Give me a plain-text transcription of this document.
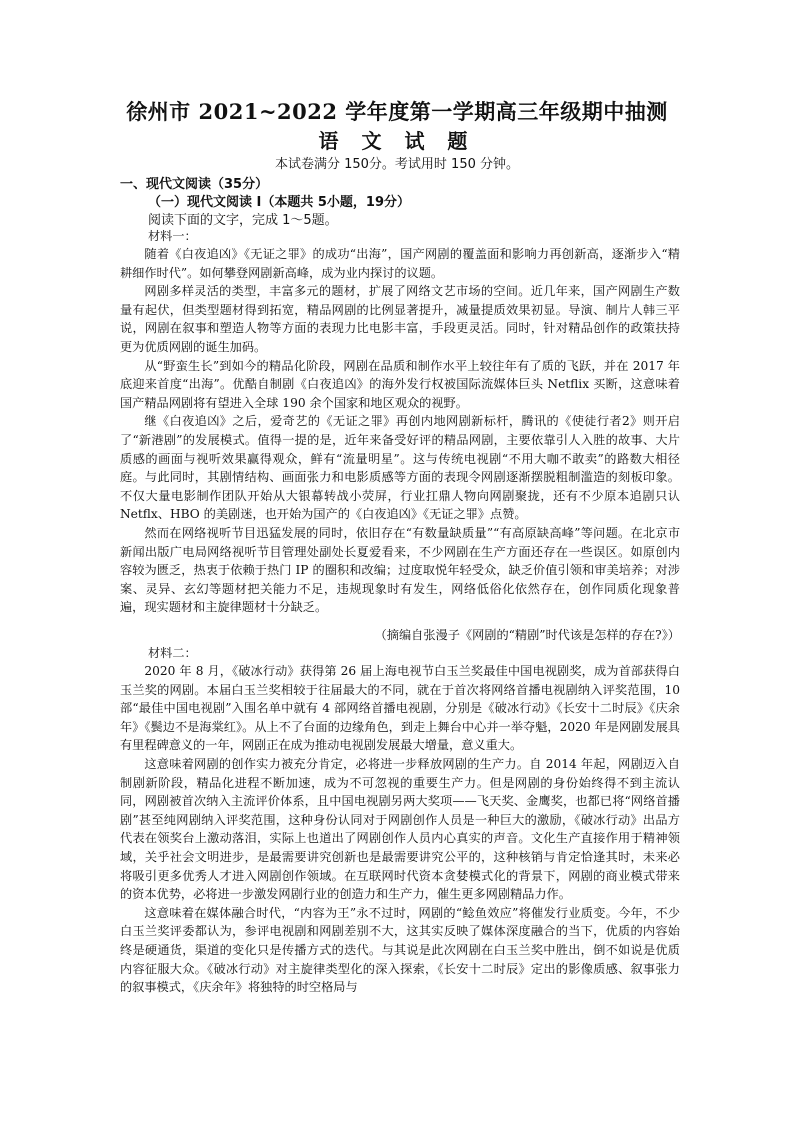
徐州市 2021~2022 学年度第一学期高三年级期中抽测
语 文 试 题
本试卷满分 150分。考试用时 150 分钟。
一、现代文阅读（35分）
（一）现代文阅读 I（本题共 5小题，19分）
阅读下面的文字，完成 1～5题。
材料一：

随着《白夜追凶》《无证之罪》的成功“出海”，国产网剧的覆盖面和影响力再创新高，逐渐步入“精耕细作时代”。如何攀登网剧新高峰，成为业内探讨的议题。

网剧多样灵活的类型，丰富多元的题材，扩展了网络文艺市场的空间。近几年来，国产网剧生产数量有起伏，但类型题材得到拓宽，精品网剧的比例显著提升，减量提质效果初显。导演、制片人韩三平说，网剧在叙事和塑造人物等方面的表现力比电影丰富，手段更灵活。同时，针对精品创作的政策扶持更为优质网剧的诞生加码。

从“野蛮生长”到如今的精品化阶段，网剧在品质和制作水平上较往年有了质的飞跃，并在 2017 年底迎来首度“出海”。优酷自制剧《白夜追凶》的海外发行权被国际流媒体巨头 Netflix 买断，这意味着国产精品网剧将有望进入全球 190 余个国家和地区观众的视野。

继《白夜追凶》之后，爱奇艺的《无证之罪》再创内地网剧新标杆，腾讯的《使徒行者2》则开启了“新港剧”的发展模式。值得一提的是，近年来备受好评的精品网剧，主要依靠引人入胜的故事、大片质感的画面与视听效果赢得观众，鲜有“流量明星”。这与传统电视剧“不用大咖不敢卖”的路数大相径庭。与此同时，其剧情结构、画面张力和电影质感等方面的表现令网剧逐渐摆脱粗制滥造的刻板印象。不仅大量电影制作团队开始从大银幕转战小荧屏，行业扛鼎人物向网剧聚拢，还有不少原本追剧只认 Netflx、HBO 的美剧迷，也开始为国产的《白夜追凶》《无证之罪》点赞。

然而在网络视听节目迅猛发展的同时，依旧存在“有数量缺质量”“有高原缺高峰”等问题。在北京市新闻出版广电局网络视听节目管理处副处长夏爱看来，不少网剧在生产方面还存在一些误区。如原创内容较为匮乏，热衷于依赖于热门 IP 的圈积和改编；过度取悦年轻受众，缺乏价值引领和审美培养；对涉案、灵异、玄幻等题材把关能力不足，违规现象时有发生，网络低俗化依然存在，创作同质化现象普遍，现实题材和主旋律题材十分缺乏。

（摘编自张漫子《网剧的“精剧”时代该是怎样的存在?》）
材料二：

2020 年 8 月，《破冰行动》获得第 26 届上海电视节白玉兰奖最佳中国电视剧奖，成为首部获得白玉兰奖的网剧。本届白玉兰奖相较于往届最大的不同，就在于首次将网络首播电视剧纳入评奖范围，10 部“最佳中国电视剧”入围名单中就有 4 部网络首播电视剧，分别是《破冰行动》《长安十二时辰》《庆余年》《鬓边不是海棠红》。从上不了台面的边缘角色，到走上舞台中心并一举夺魁，2020 年是网剧发展具有里程碑意义的一年，网剧正在成为推动电视剧发展最大增量，意义重大。

这意味着网剧的创作实力被充分肯定，必将进一步释放网剧的生产力。自 2014 年起，网剧迈入自制剧新阶段，精品化进程不断加速，成为不可忽视的重要生产力。但是网剧的身份始终得不到主流认同，网剧被首次纳入主流评价体系，且中国电视剧另两大奖项——飞天奖、金鹰奖，也都已将“网络首播剧”甚至纯网剧纳入评奖范围，这种身份认同对于网剧创作人员是一种巨大的激励，《破冰行动》出品方代表在领奖台上激动落泪，实际上也道出了网剧创作人员内心真实的声音。文化生产直接作用于精神领域，关乎社会文明进步，是最需要讲究创新也是最需要讲究公平的，这种核销与肯定恰逢其时，未来必将吸引更多优秀人才进入网剧创作领域。在互联网时代资本贪婪模式化的背景下，网剧的商业模式带来的资本优势，必将进一步激发网剧行业的创造力和生产力，催生更多网剧精品力作。

这意味着在媒体融合时代，“内容为王”永不过时，网剧的“鲶鱼效应”将催发行业质变。今年，不少白玉兰奖评委都认为，参评电视剧和网剧差别不大，这其实反映了媒体深度融合的当下，优质的内容始终是硬通货，渠道的变化只是传播方式的迭代。与其说是此次网剧在白玉兰奖中胜出，倒不如说是优质内容征服大众。《破冰行动》对主旋律类型化的深入探索，《长安十二时辰》定出的影像质感、叙事张力的叙事模式，《庆余年》将独特的时空格局与
